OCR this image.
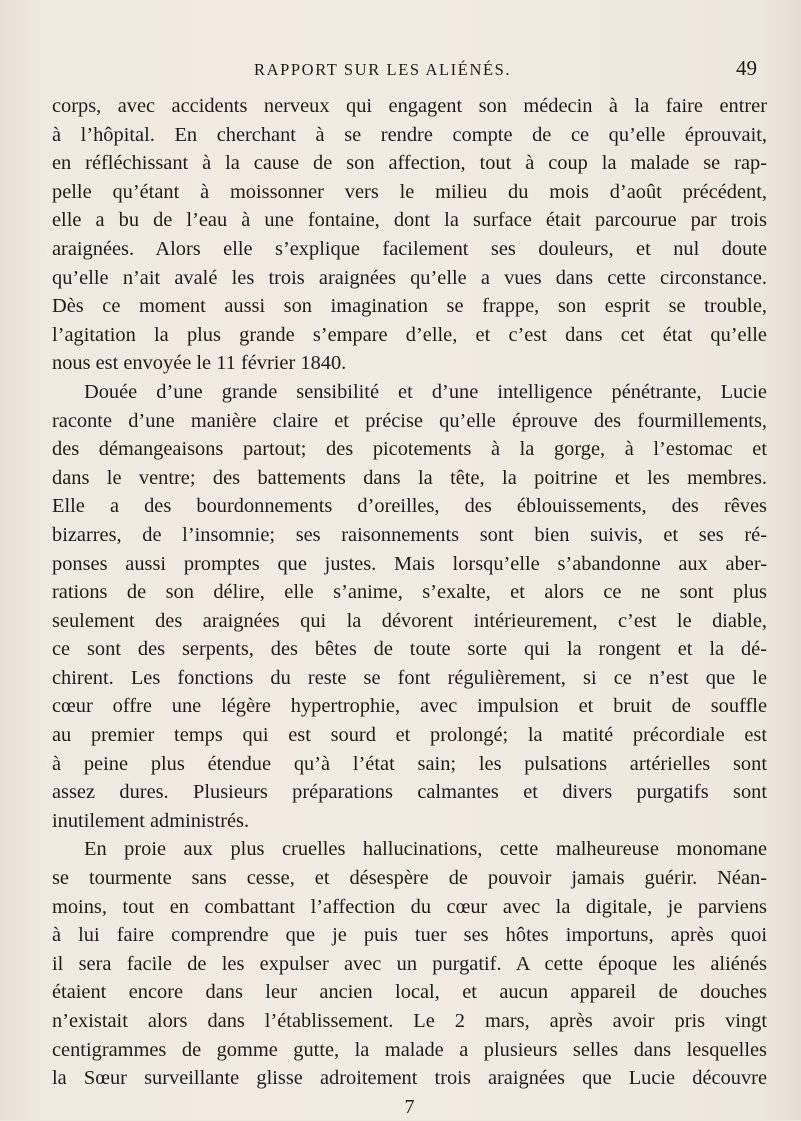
RAPPORT SUR LES ALIÉNÉS.	49
corps, avec accidents nerveux qui engagent son médecin à la faire entrer
à l’hôpital. En cherchant à se rendre compte de ce qu’elle éprouvait,
en réfléchissant à la cause de son affection, tout à coup la malade se rap-
pelle qu’étant à moissonner vers le milieu du mois d’août précédent,
elle a bu de l’eau à une fontaine, dont la surface était parcourue par trois
araignées. Alors elle s’explique facilement ses douleurs, et nul doute
qu’elle n’ait avalé les trois araignées qu’elle a vues dans cette circonstance.
Dès ce moment aussi son imagination se frappe, son esprit se trouble,
l’agitation la plus grande s’empare d’elle, et c’est dans cet état qu’elle
nous est envoyée le 11 février 1840.
Douée d’une grande sensibilité et d’une intelligence pénétrante, Lucie
raconte d’une manière claire et précise qu’elle éprouve des fourmillements,
des démangeaisons partout; des picotements à la gorge, à l’estomac et
dans le ventre; des battements dans la tête, la poitrine et les membres.
Elle a des bourdonnements d’oreilles, des éblouissements, des rêves
bizarres, de l’insomnie; ses raisonnements sont bien suivis, et ses ré-
ponses aussi promptes que justes. Mais lorsqu’elle s’abandonne aux aber-
rations de son délire, elle s’anime, s’exalte, et alors ce ne sont plus
seulement des araignées qui la dévorent intérieurement, c’est le diable,
ce sont des serpents, des bêtes de toute sorte qui la rongent et la dé-
chirent. Les fonctions du reste se font régulièrement, si ce n’est que le
cœur offre une légère hypertrophie, avec impulsion et bruit de souffle
au premier temps qui est sourd et prolongé; la matité précordiale est
à peine plus étendue qu’à l’état sain; les pulsations artérielles sont
assez dures. Plusieurs préparations calmantes et divers purgatifs sont
inutilement administrés.
En proie aux plus cruelles hallucinations, cette malheureuse monomane
se tourmente sans cesse, et désespère de pouvoir jamais guérir. Néan-
moins, tout en combattant l’affection du cœur avec la digitale, je parviens
à lui faire comprendre que je puis tuer ses hôtes importuns, après quoi
il sera facile de les expulser avec un purgatif. A cette époque les aliénés
étaient encore dans leur ancien local, et aucun appareil de douches
n’existait alors dans l’établissement. Le 2 mars, après avoir pris vingt
centigrammes de gomme gutte, la malade a plusieurs selles dans lesquelles
la Sœur surveillante glisse adroitement trois araignées que Lucie découvre
7
